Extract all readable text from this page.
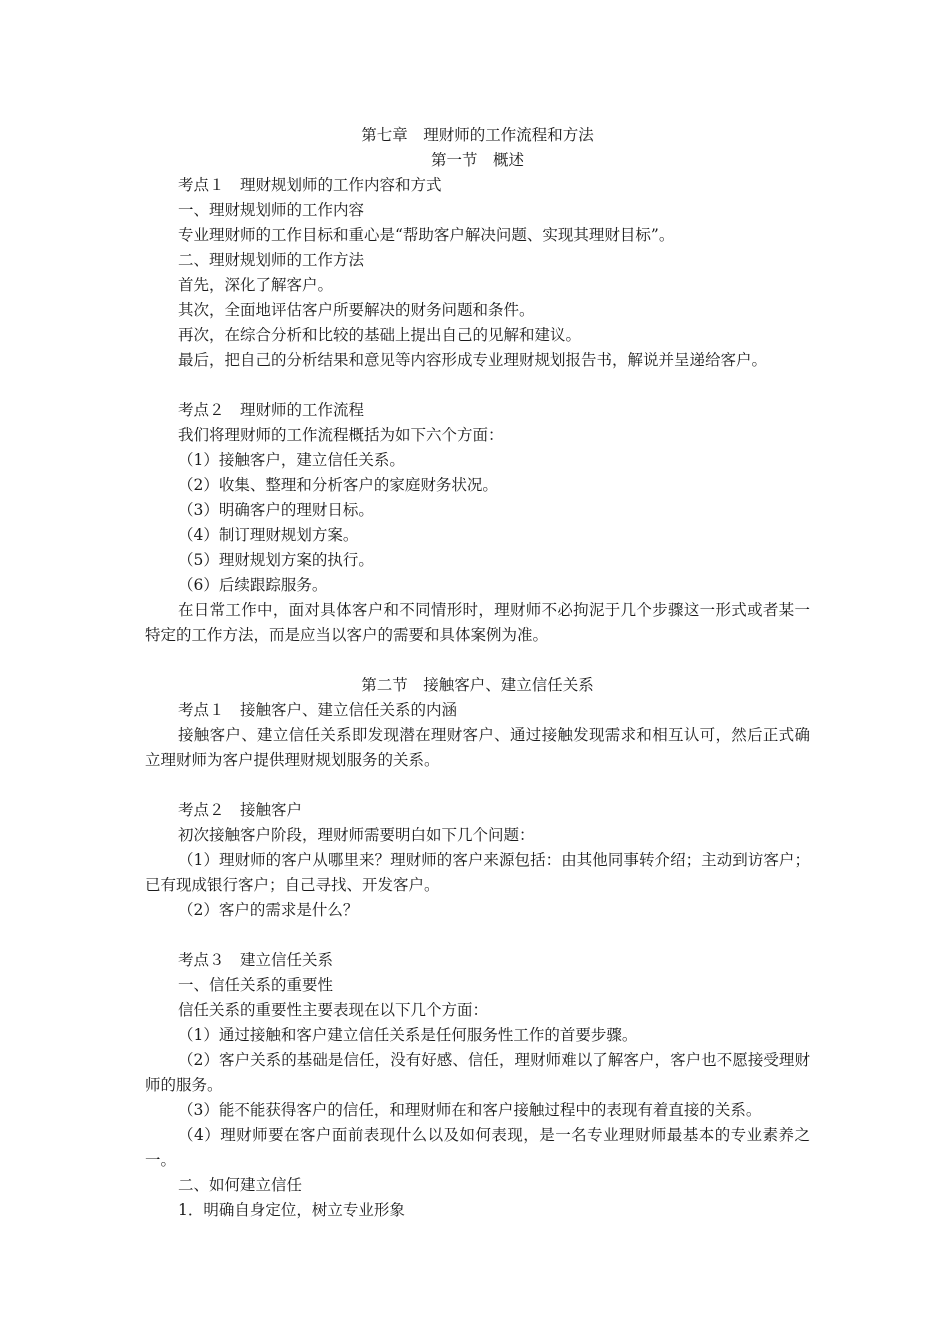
第七章　理财师的工作流程和方法

第一节　概述

考点１　理财规划师的工作内容和方式

一、理财规划师的工作内容

专业理财师的工作目标和重心是“帮助客户解决问题、实现其理财目标”。

二、理财规划师的工作方法

首先，深化了解客户。

其次，全面地评估客户所要解决的财务问题和条件。

再次，在综合分析和比较的基础上提出自己的见解和建议。

最后，把自己的分析结果和意见等内容形成专业理财规划报告书，解说并呈递给客户。

考点２　理财师的工作流程

我们将理财师的工作流程概括为如下六个方面：

（1）接触客户，建立信任关系。

（2）收集、整理和分析客户的家庭财务状况。

（3）明确客户的理财日标。

（4）制订理财规划方案。

（5）理财规划方案的执行。

（6）后续跟踪服务。

在日常工作中，面对具体客户和不同情形时，理财师不必拘泥于几个步骤这一形式或者某一特定的工作方法，而是应当以客户的需要和具体案例为准。

第二节　接触客户、建立信任关系

考点１　接触客户、建立信任关系的内涵

接触客户、建立信任关系即发现潜在理财客户、通过接触发现需求和相互认可，然后正式确立理财师为客户提供理财规划服务的关系。

考点２　接触客户

初次接触客户阶段，理财师需要明白如下几个问题：

（1）理财师的客户从哪里来？理财师的客户来源包括：由其他同事转介绍；主动到访客户；已有现成银行客户；自己寻找、开发客户。

（2）客户的需求是什么？

考点３　建立信任关系

一、信任关系的重要性

信任关系的重要性主要表现在以下几个方面：

（1）通过接触和客户建立信任关系是任何服务性工作的首要步骤。

（2）客户关系的基础是信任，没有好感、信任，理财师难以了解客户，客户也不愿接受理财师的服务。

（3）能不能获得客户的信任，和理财师在和客户接触过程中的表现有着直接的关系。

（4）理财师要在客户面前表现什么以及如何表现，是一名专业理财师最基本的专业素养之一。

二、如何建立信任

1．明确自身定位，树立专业形象
